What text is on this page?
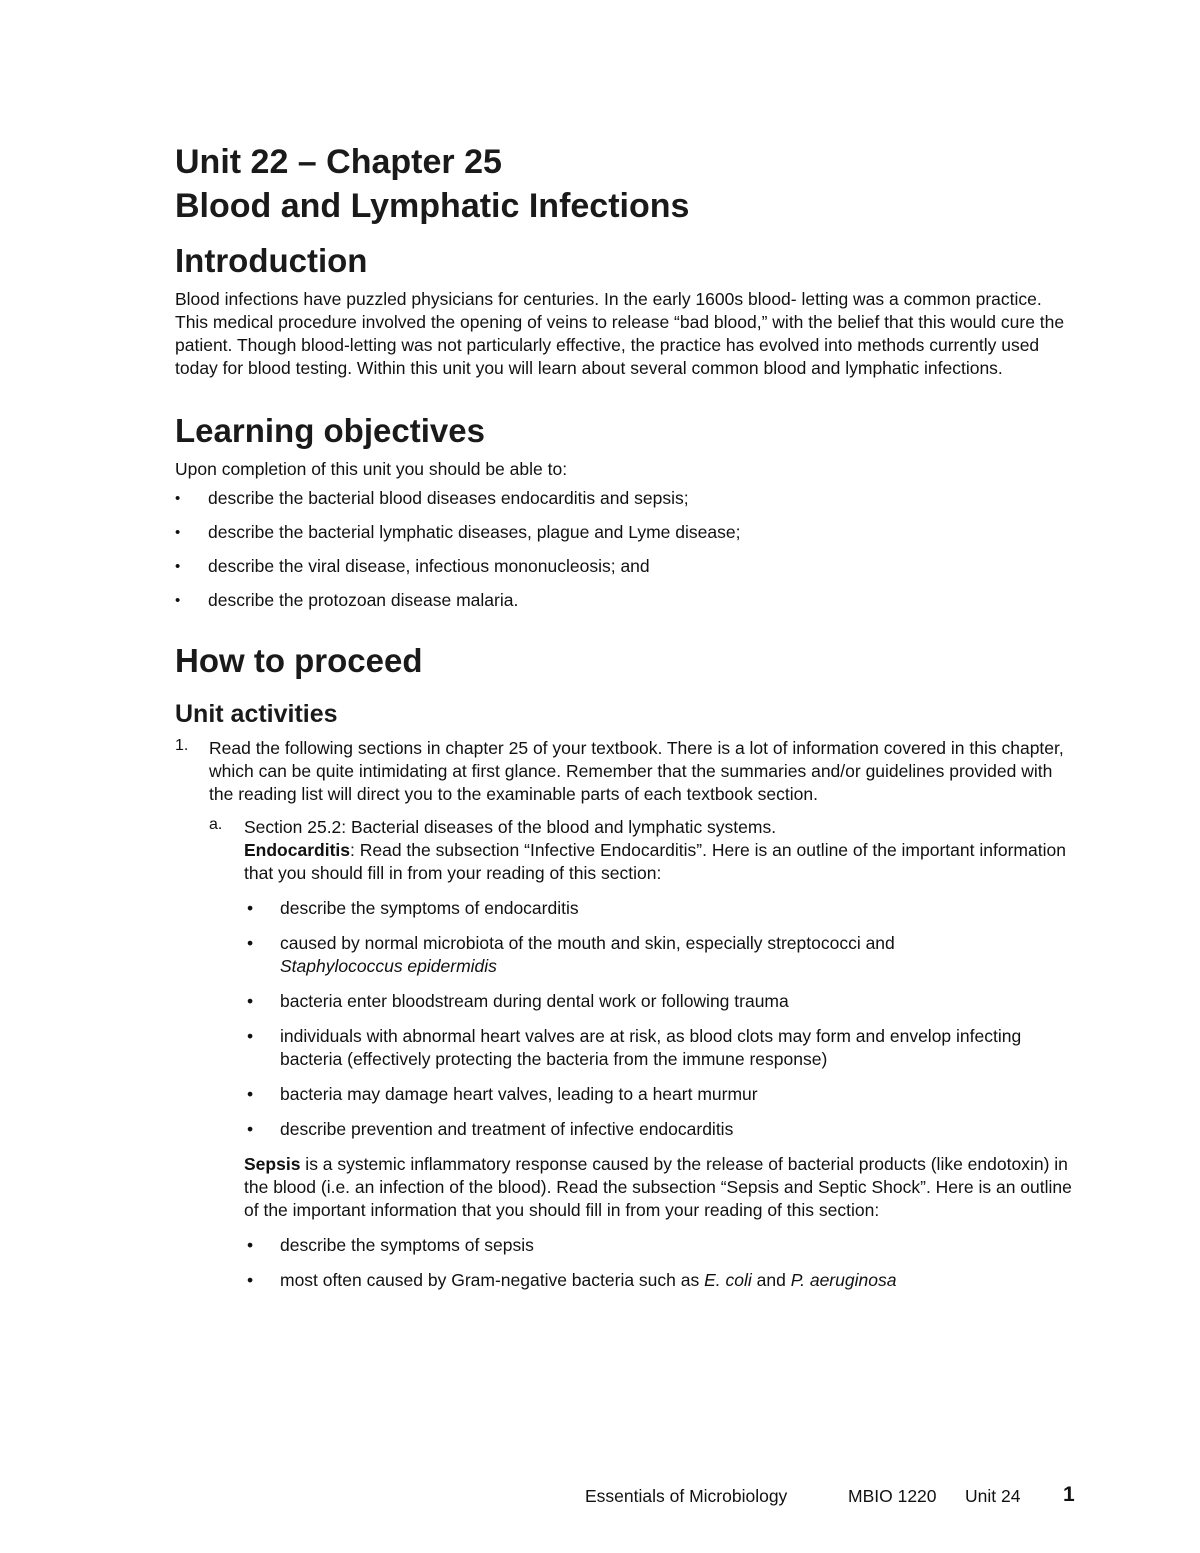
Unit 22 – Chapter 25
Blood and Lymphatic Infections
Introduction

Blood infections have puzzled physicians for centuries. In the early 1600s blood- letting was a common practice. This medical procedure involved the opening of veins to release “bad blood,” with the belief that this would cure the patient. Though blood-letting was not particularly effective, the practice has evolved into methods currently used today for blood testing. Within this unit you will learn about several common blood and lymphatic infections.

Learning objectives

Upon completion of this unit you should be able to:

• describe the bacterial blood diseases endocarditis and sepsis;
• describe the bacterial lymphatic diseases, plague and Lyme disease;
• describe the viral disease, infectious mononucleosis; and
• describe the protozoan disease malaria.
How to proceed
Unit activities
1. Read the following sections in chapter 25 of your textbook. There is a lot of information covered in this chapter, which can be quite intimidating at first glance. Remember that the summaries and/or guidelines provided with the reading list will direct you to the examinable parts of each textbook section.

a. Section 25.2: Bacterial diseases of the blood and lymphatic systems.

Endocarditis: Read the subsection “Infective Endocarditis”. Here is an outline of the important information that you should fill in from your reading of this section:

• describe the symptoms of endocarditis
• caused by normal microbiota of the mouth and skin, especially streptococci and
Staphylococcus epidermidis
• bacteria enter bloodstream during dental work or following trauma
• individuals with abnormal heart valves are at risk, as blood clots may form and envelop infecting bacteria (effectively protecting the bacteria from the immune response)
• bacteria may damage heart valves, leading to a heart murmur
• describe prevention and treatment of infective endocarditis

Sepsis is a systemic inflammatory response caused by the release of bacterial products (like endotoxin) in the blood (i.e. an infection of the blood). Read the subsection “Sepsis and Septic Shock”. Here is an outline of the important information that you should fill in from your reading of this section:

• describe the symptoms of sepsis
• most often caused by Gram-negative bacteria such as E. coli and P. aeruginosa
Essentials of Microbiology	MBIO 1220 Unit 24 1
